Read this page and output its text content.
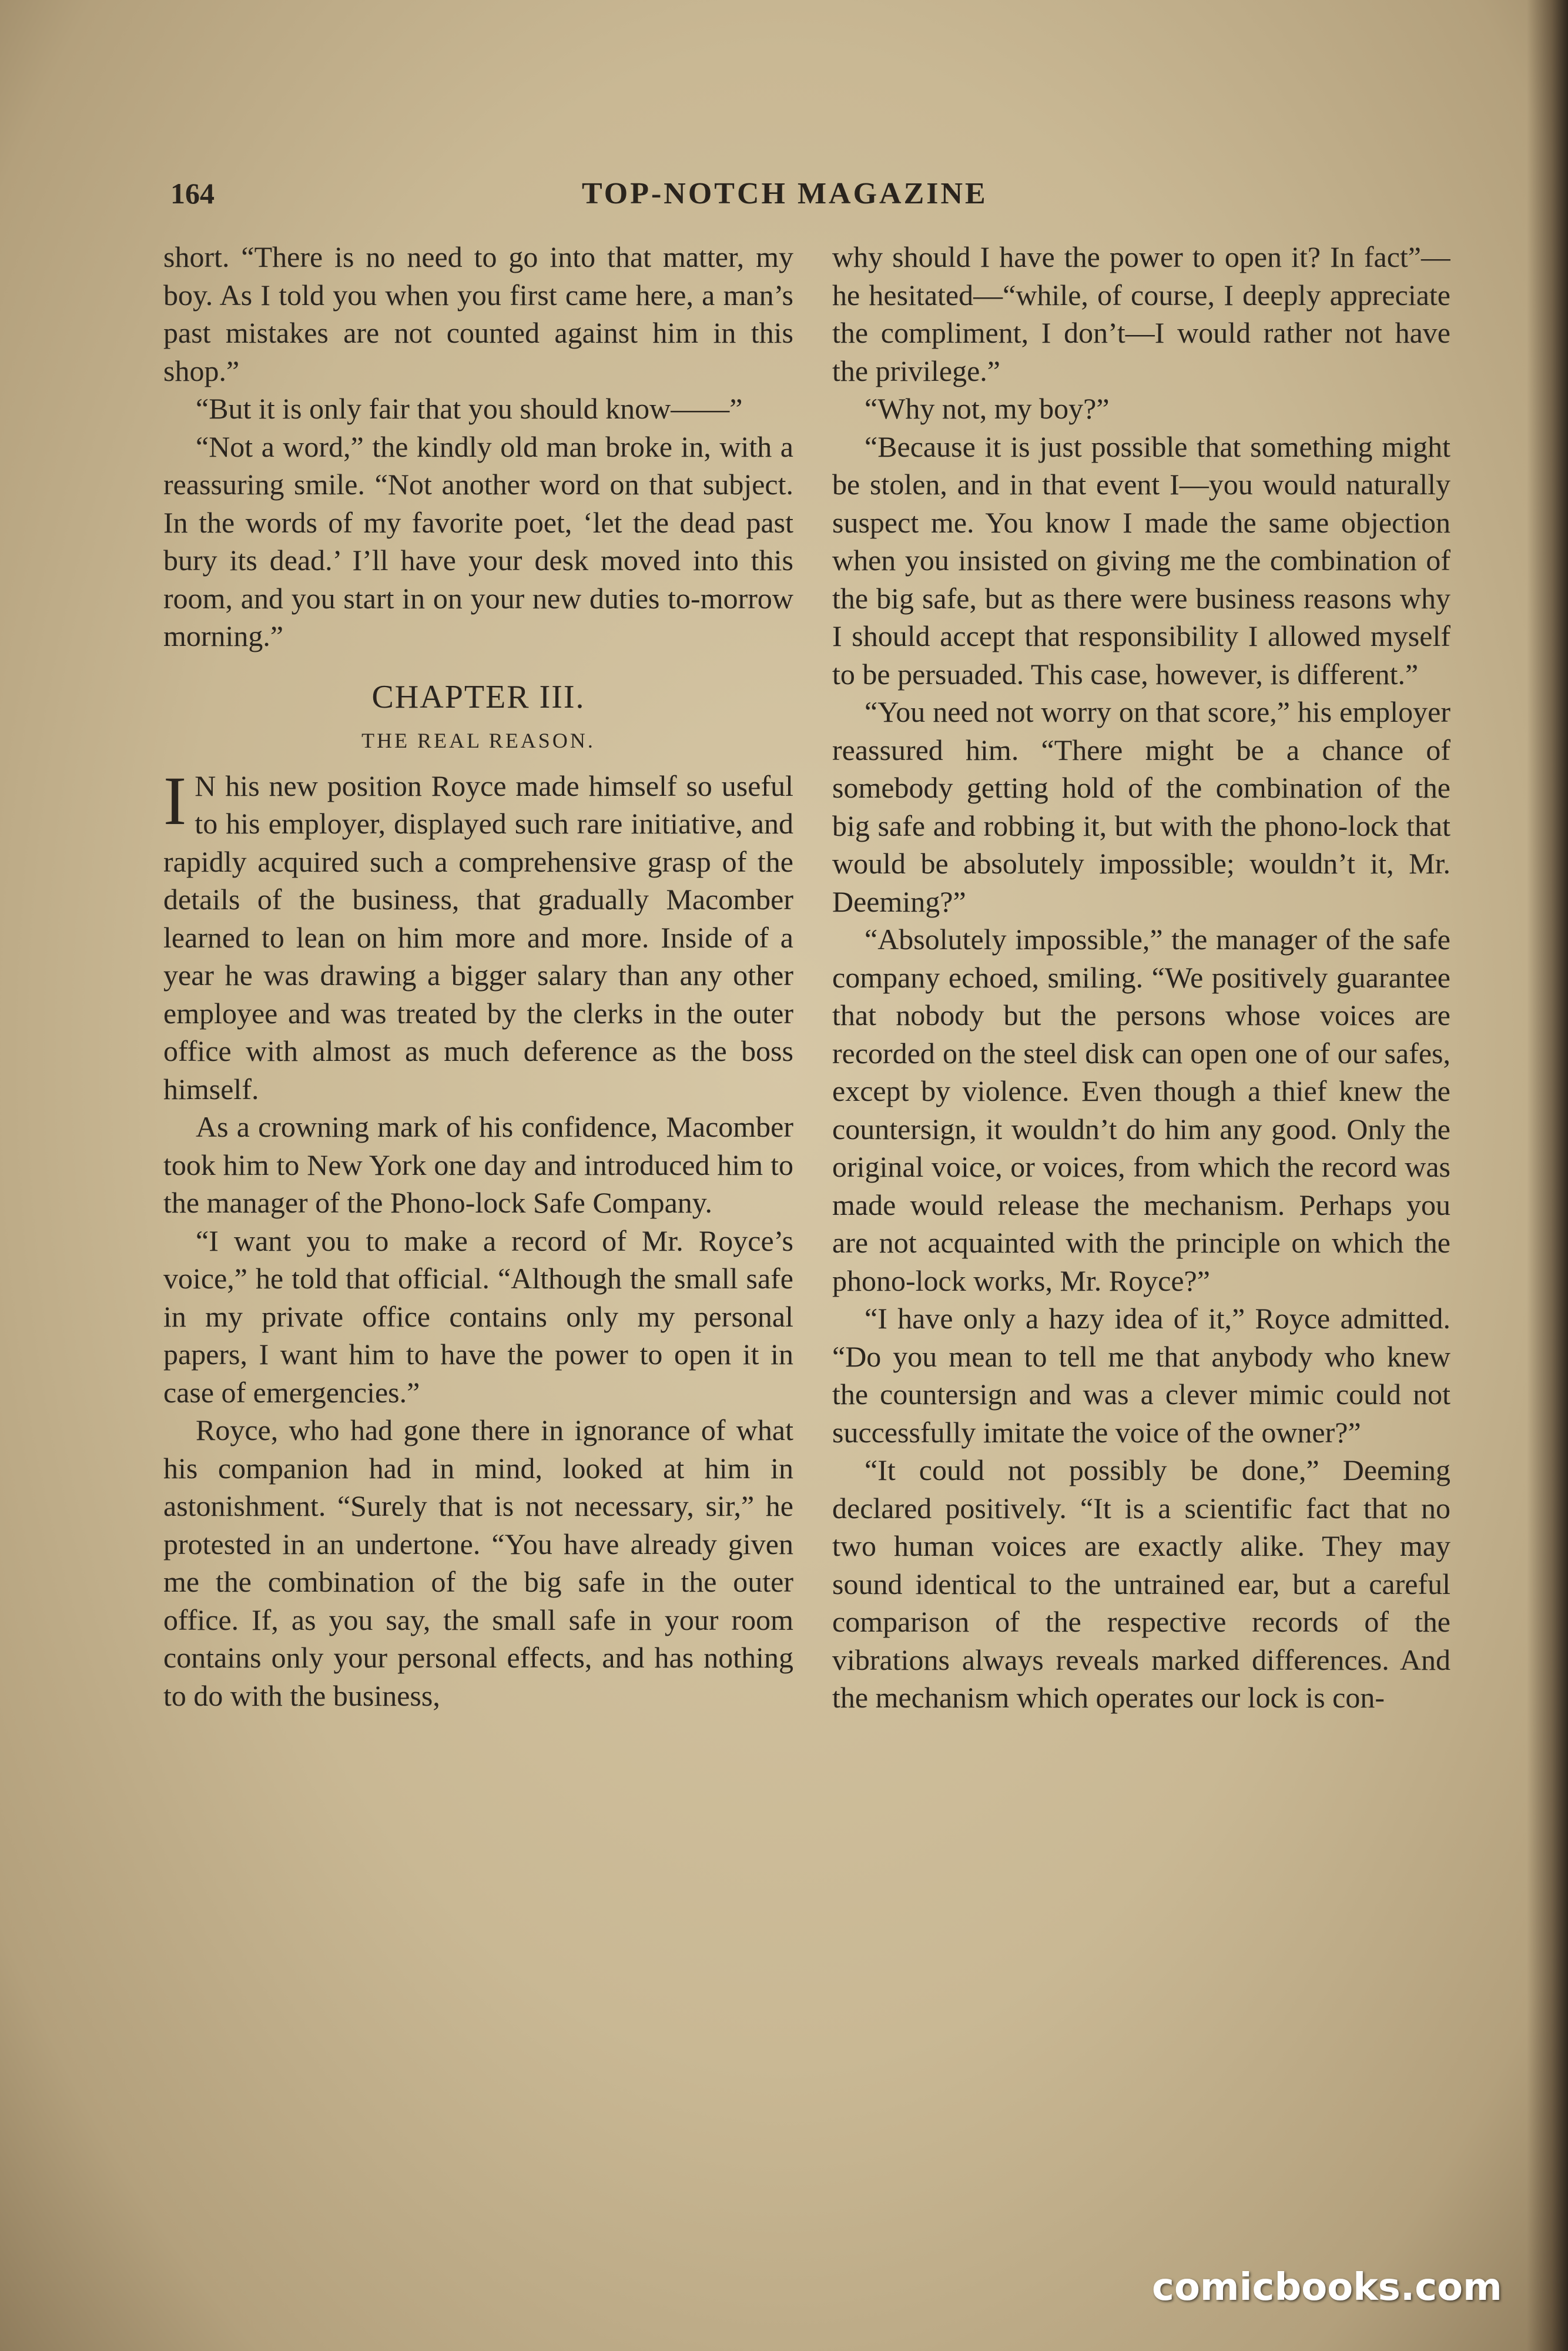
164	TOP-NOTCH MAGAZINE

short. “There is no need to go into that matter, my boy. As I told you when you first came here, a man’s past mistakes are not counted against him in this shop.”

“But it is only fair that you should know——”

“Not a word,” the kindly old man broke in, with a reassuring smile. “Not another word on that subject. In the words of my favorite poet, ‘let the dead past bury its dead.’ I’ll have your desk moved into this room, and you start in on your new duties to-morrow morning.”

CHAPTER III.
THE REAL REASON.

I N his new position Royce made himself so useful to his employer, displayed such rare initiative, and rapidly acquired such a comprehensive grasp of the details of the business, that gradually Macomber learned to lean on him more and more. Inside of a year he was drawing a bigger salary than any other employee and was treated by the clerks in the outer office with almost as much deference as the boss himself.

As a crowning mark of his confidence, Macomber took him to New York one day and introduced him to the manager of the Phono-lock Safe Company.

“I want you to make a record of Mr. Royce’s voice,” he told that official. “Although the small safe in my private office contains only my personal papers, I want him to have the power to open it in case of emergencies.”

Royce, who had gone there in ignorance of what his companion had in mind, looked at him in astonishment. “Surely that is not necessary, sir,” he protested in an undertone. “You have already given me the combination of the big safe in the outer office. If, as you say, the small safe in your room contains only your personal effects, and has nothing to do with the business,

why should I have the power to open it? In fact”—he hesitated—“while, of course, I deeply appreciate the compliment, I don’t—I would rather not have the privilege.”

“Why not, my boy?”

“Because it is just possible that something might be stolen, and in that event I—you would naturally suspect me. You know I made the same objection when you insisted on giving me the combination of the big safe, but as there were business reasons why I should accept that responsibility I allowed myself to be persuaded. This case, however, is different.”

“You need not worry on that score,” his employer reassured him. “There might be a chance of somebody getting hold of the combination of the big safe and robbing it, but with the phono-lock that would be absolutely impossible; wouldn’t it, Mr. Deeming?”

“Absolutely impossible,” the manager of the safe company echoed, smiling. “We positively guarantee that nobody but the persons whose voices are recorded on the steel disk can open one of our safes, except by violence. Even though a thief knew the countersign, it wouldn’t do him any good. Only the original voice, or voices, from which the record was made would release the mechanism. Perhaps you are not acquainted with the principle on which the phono-lock works, Mr. Royce?”

“I have only a hazy idea of it,” Royce admitted. “Do you mean to tell me that anybody who knew the countersign and was a clever mimic could not successfully imitate the voice of the owner?”

“It could not possibly be done,” Deeming declared positively. “It is a scientific fact that no two human voices are exactly alike. They may sound identical to the untrained ear, but a careful comparison of the respective records of the vibrations always reveals marked differences. And the mechanism which operates our lock is con-

comicbooks.com
